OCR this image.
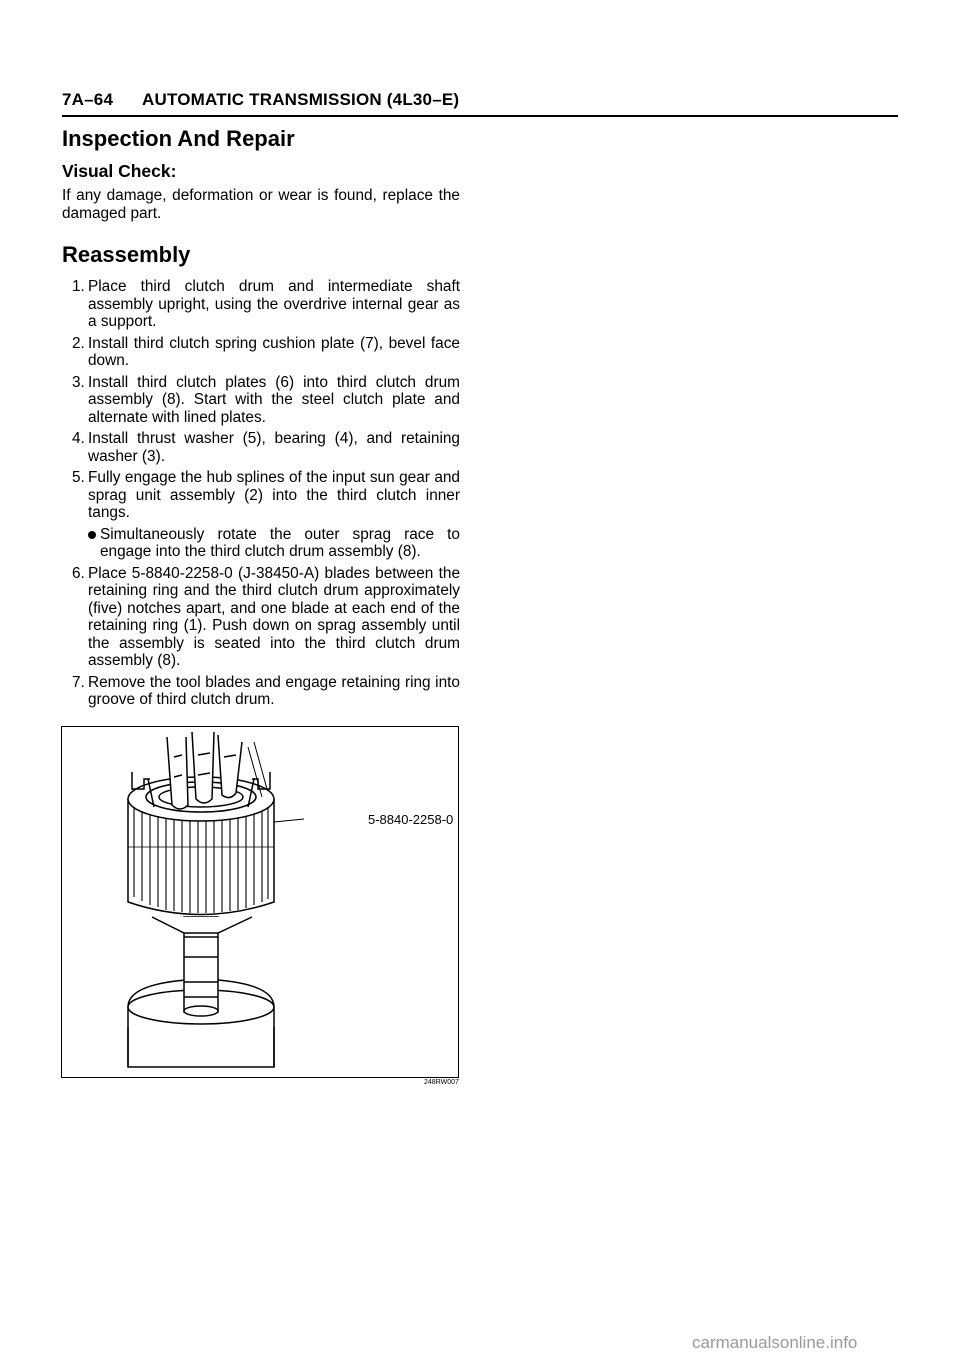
7A–64 AUTOMATIC TRANSMISSION (4L30–E)
Inspection And Repair
Visual Check:

If any damage, deformation or wear is found, replace the damaged part.

Reassembly
1. Place third clutch drum and intermediate shaft assembly upright, using the overdrive internal gear as a support.
2. Install third clutch spring cushion plate (7), bevel face down.
3. Install third clutch plates (6) into third clutch drum assembly (8). Start with the steel clutch plate and alternate with lined plates.
4. Install thrust washer (5), bearing (4), and retaining washer (3).
5. Fully engage the hub splines of the input sun gear and sprag unit assembly (2) into the third clutch inner tangs.
Simultaneously rotate the outer sprag race to engage into the third clutch drum assembly (8).
6. Place 5-8840-2258-0 (J-38450-A) blades between the retaining ring and the third clutch drum approximately (five) notches apart, and one blade at each end of the retaining ring (1). Push down on sprag assembly until the assembly is seated into the third clutch drum assembly (8).
7. Remove the tool blades and engage retaining ring into groove of third clutch drum.
5-8840-2258-0
248RW007
carmanualsonline.info
